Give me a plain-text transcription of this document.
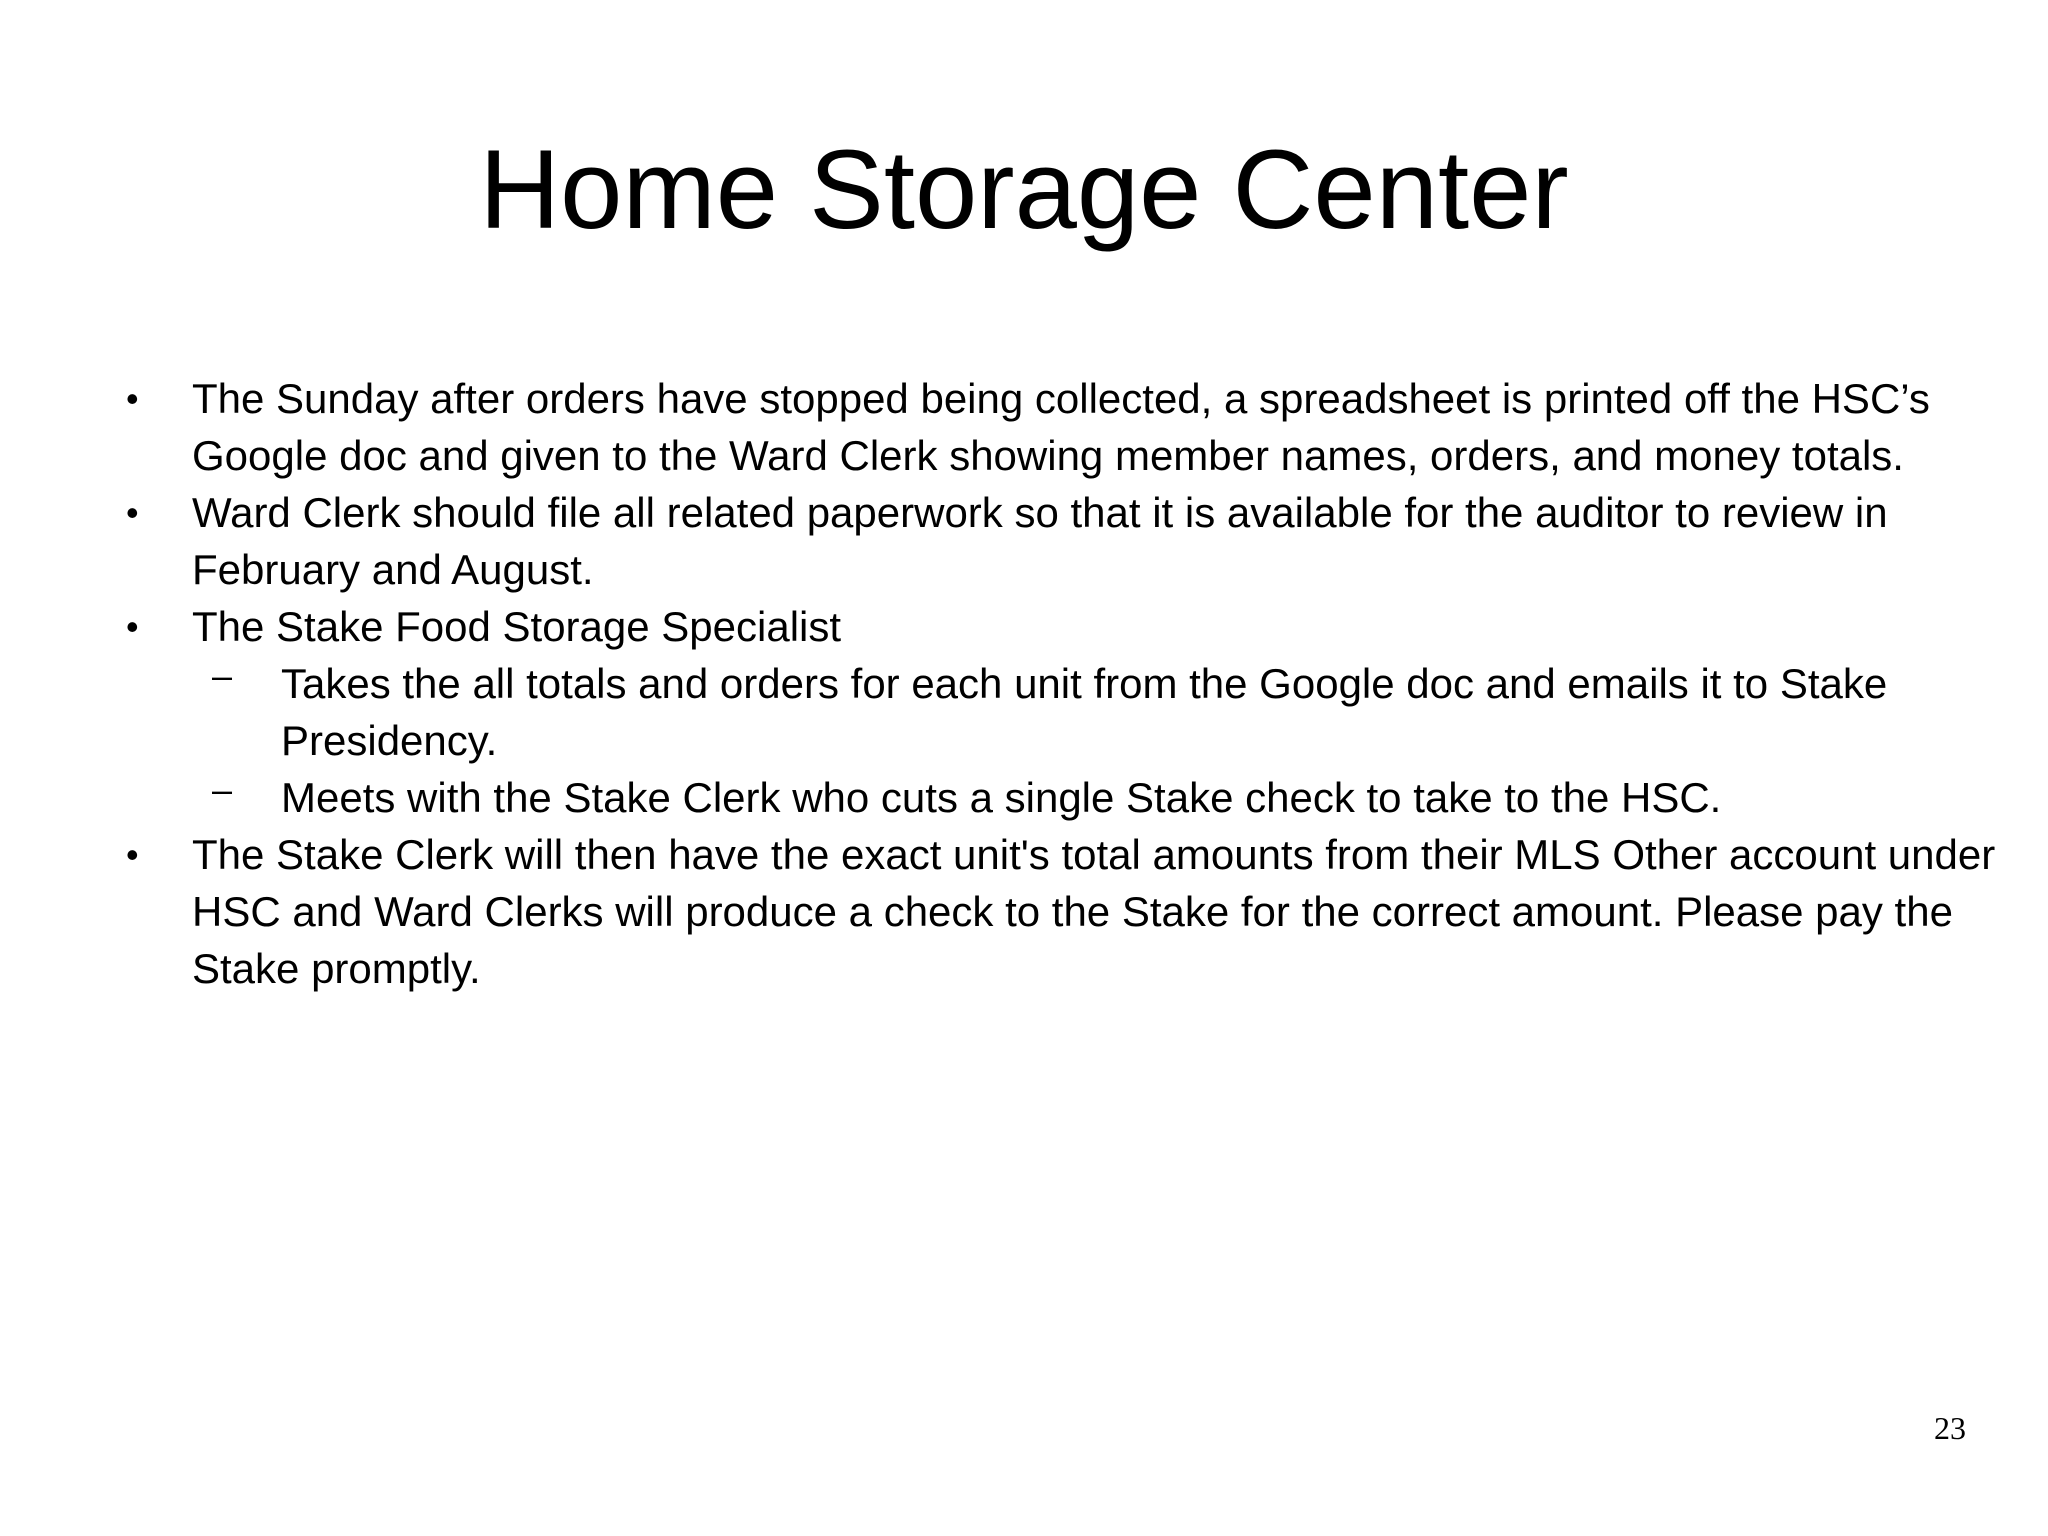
Home Storage Center
• The Sunday after orders have stopped being collected, a spreadsheet is printed off the HSC’s Google doc and given to the Ward Clerk showing member names, orders, and money totals.
• Ward Clerk should file all related paperwork so that it is available for the auditor to review in February and August.
• The Stake Food Storage Specialist
– Takes the all totals and orders for each unit from the Google doc and emails it to Stake Presidency.
– Meets with the Stake Clerk who cuts a single Stake check to take to the HSC.
• The Stake Clerk will then have the exact unit's total amounts from their MLS Other account under HSC and Ward Clerks will produce a check to the Stake for the correct amount. Please pay the Stake promptly.
23
